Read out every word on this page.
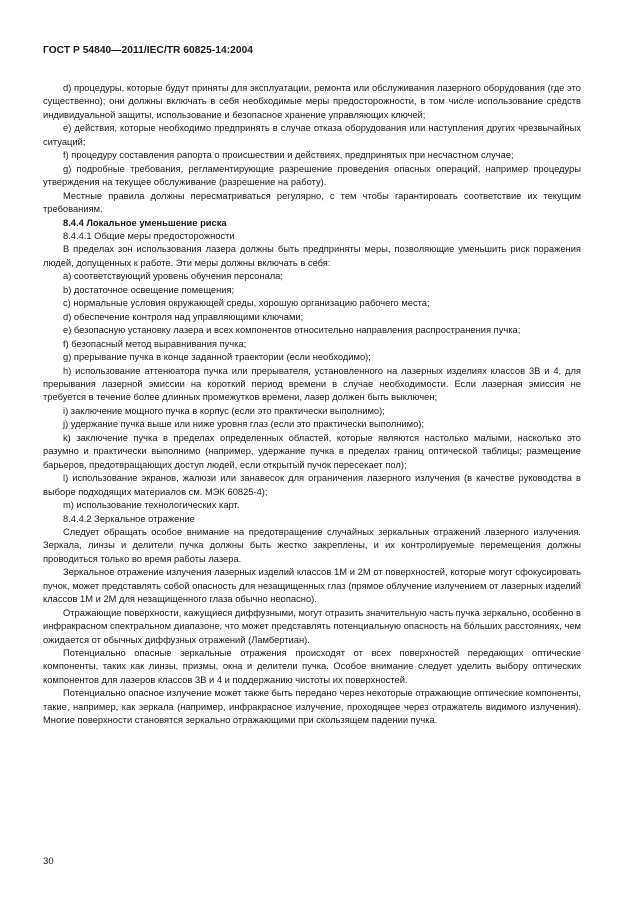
ГОСТ Р 54840—2011/IEC/TR 60825-14:2004

d) процедуры, которые будут приняты для эксплуатации, ремонта или обслуживания лазерного оборудования (где это существенно); они должны включать в себя необходимые меры предосторожности, в том числе использование средств индивидуальной защиты, использование и безопасное хранение управляющих ключей;

e) действия, которые необходимо предпринять в случае отказа оборудования или наступления других чрезвычайных ситуаций;

f) процедуру составления рапорта о происшествии и действиях, предпринятых при несчастном случае;

g) подробные требования, регламентирующие разрешение проведения опасных операций, например процедуры утверждения на текущее обслуживание (разрешение на работу).

Местные правила должны пересматриваться регулярно, с тем чтобы гарантировать соответствие их текущим требованиям.

8.4.4 Локальное уменьшение риска

8.4.4.1 Общие меры предосторожности

В пределах зон использования лазера должны быть предприняты меры, позволяющие уменьшить риск поражения людей, допущенных к работе. Эти меры должны включать в себя:

a) соответствующий уровень обучения персонала;

b) достаточное освещение помещения;

c) нормальные условия окружающей среды, хорошую организацию рабочего места;

d) обеспечение контроля над управляющими ключами;

e) безопасную установку лазера и всех компонентов относительно направления распространения пучка;

f) безопасный метод выравнивания пучка;

g) прерывание пучка в конце заданной траектории (если необходимо);

h) использование аттенюатора пучка или прерывателя, установленного на лазерных изделиях классов 3B и 4, для прерывания лазерной эмиссии на короткий период времени в случае необходимости. Если лазерная эмиссия не требуется в течение более длинных промежутков времени, лазер должен быть выключен;

i) заключение мощного пучка в корпус (если это практически выполнимо);

j) удержание пучка выше или ниже уровня глаз (если это практически выполнимо);

k) заключение пучка в пределах определенных областей, которые являются настолько малыми, насколько это разумно и практически выполнимо (например, удержание пучка в пределах границ оптической таблицы; размещение барьеров, предотвращающих доступ людей, если открытый пучок пересекает пол);

l) использование экранов, жалюзи или занавесок для ограничения лазерного излучения (в качестве руководства в выборе подходящих материалов см. МЭК 60825-4);

m) использование технологических карт.

8.4.4.2 Зеркальное отражение

Следует обращать особое внимание на предотвращение случайных зеркальных отражений лазерного излучения. Зеркала, линзы и делители пучка должны быть жестко закреплены, и их контролируемые перемещения должны проводиться только во время работы лазера.

Зеркальное отражение излучения лазерных изделий классов 1M и 2M от поверхностей, которые могут сфокусировать пучок, может представлять собой опасность для незащищенных глаз (прямое облучение излучением от лазерных изделий классов 1M и 2M для незащищенного глаза обычно неопасно).

Отражающие поверхности, кажущиеся диффузными, могут отразить значительную часть пучка зеркально, особенно в инфракрасном спектральном диапазоне, что может представлять потенциальную опасность на бо́льших расстояниях, чем ожидается от обычных диффузных отражений (Ламбертиан).

Потенциально опасные зеркальные отражения происходят от всех поверхностей передающих оптические компоненты, таких как линзы, призмы, окна и делители пучка. Особое внимание следует уделить выбору оптических компонентов для лазеров классов 3B и 4 и поддержанию чистоты их поверхностей.

Потенциально опасное излучение может также быть передано через некоторые отражающие оптические компоненты, такие, например, как зеркала (например, инфракрасное излучение, проходящее через отражатель видимого излучения). Многие поверхности становятся зеркально отражающими при скользящем падении пучка.

30
